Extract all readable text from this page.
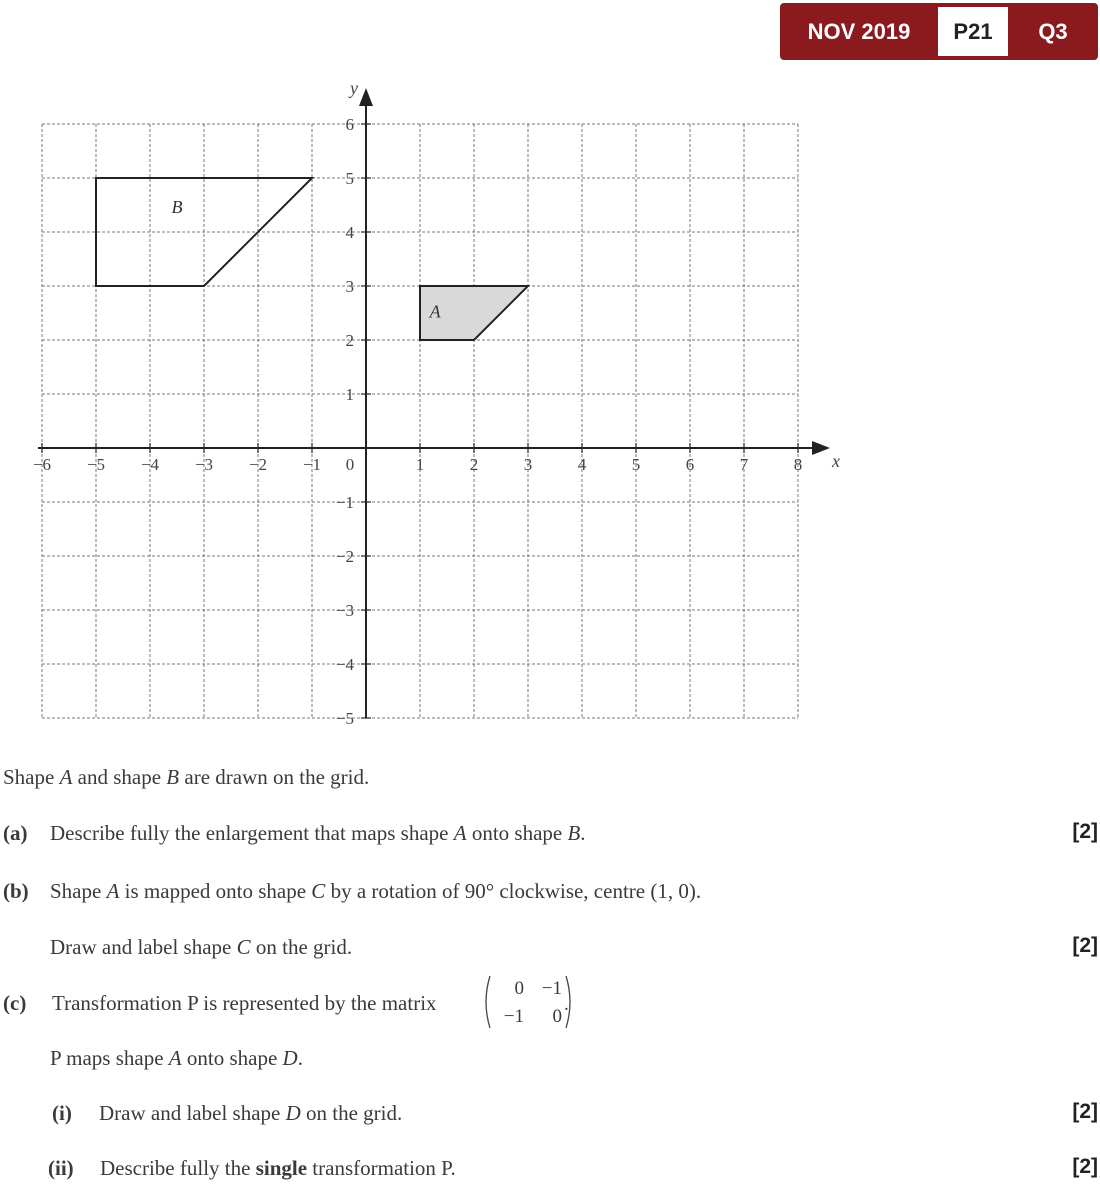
NOV 2019	P21	Q3
A
B
−6 −5 −4 −3 −2 −1 0	1	2	3	4	5	6	7	8
6
5
4
3
2
1
−1
−2
−3
−4
−5
x
y
Shape A and shape B are drawn on the grid.
(a) Describe fully the enlargement that maps shape A onto shape B.	[2]
(b) Shape A is mapped onto shape C by a rotation of 90° clockwise, centre (1, 0).
Draw and label shape C on the grid.	[2]
(c) Transformation P is represented by the matrix
0 −1
−1	0
.
P maps shape A onto shape D.
(i) Draw and label shape D on the grid.	[2]
(ii) Describe fully the single transformation P.	[2]
